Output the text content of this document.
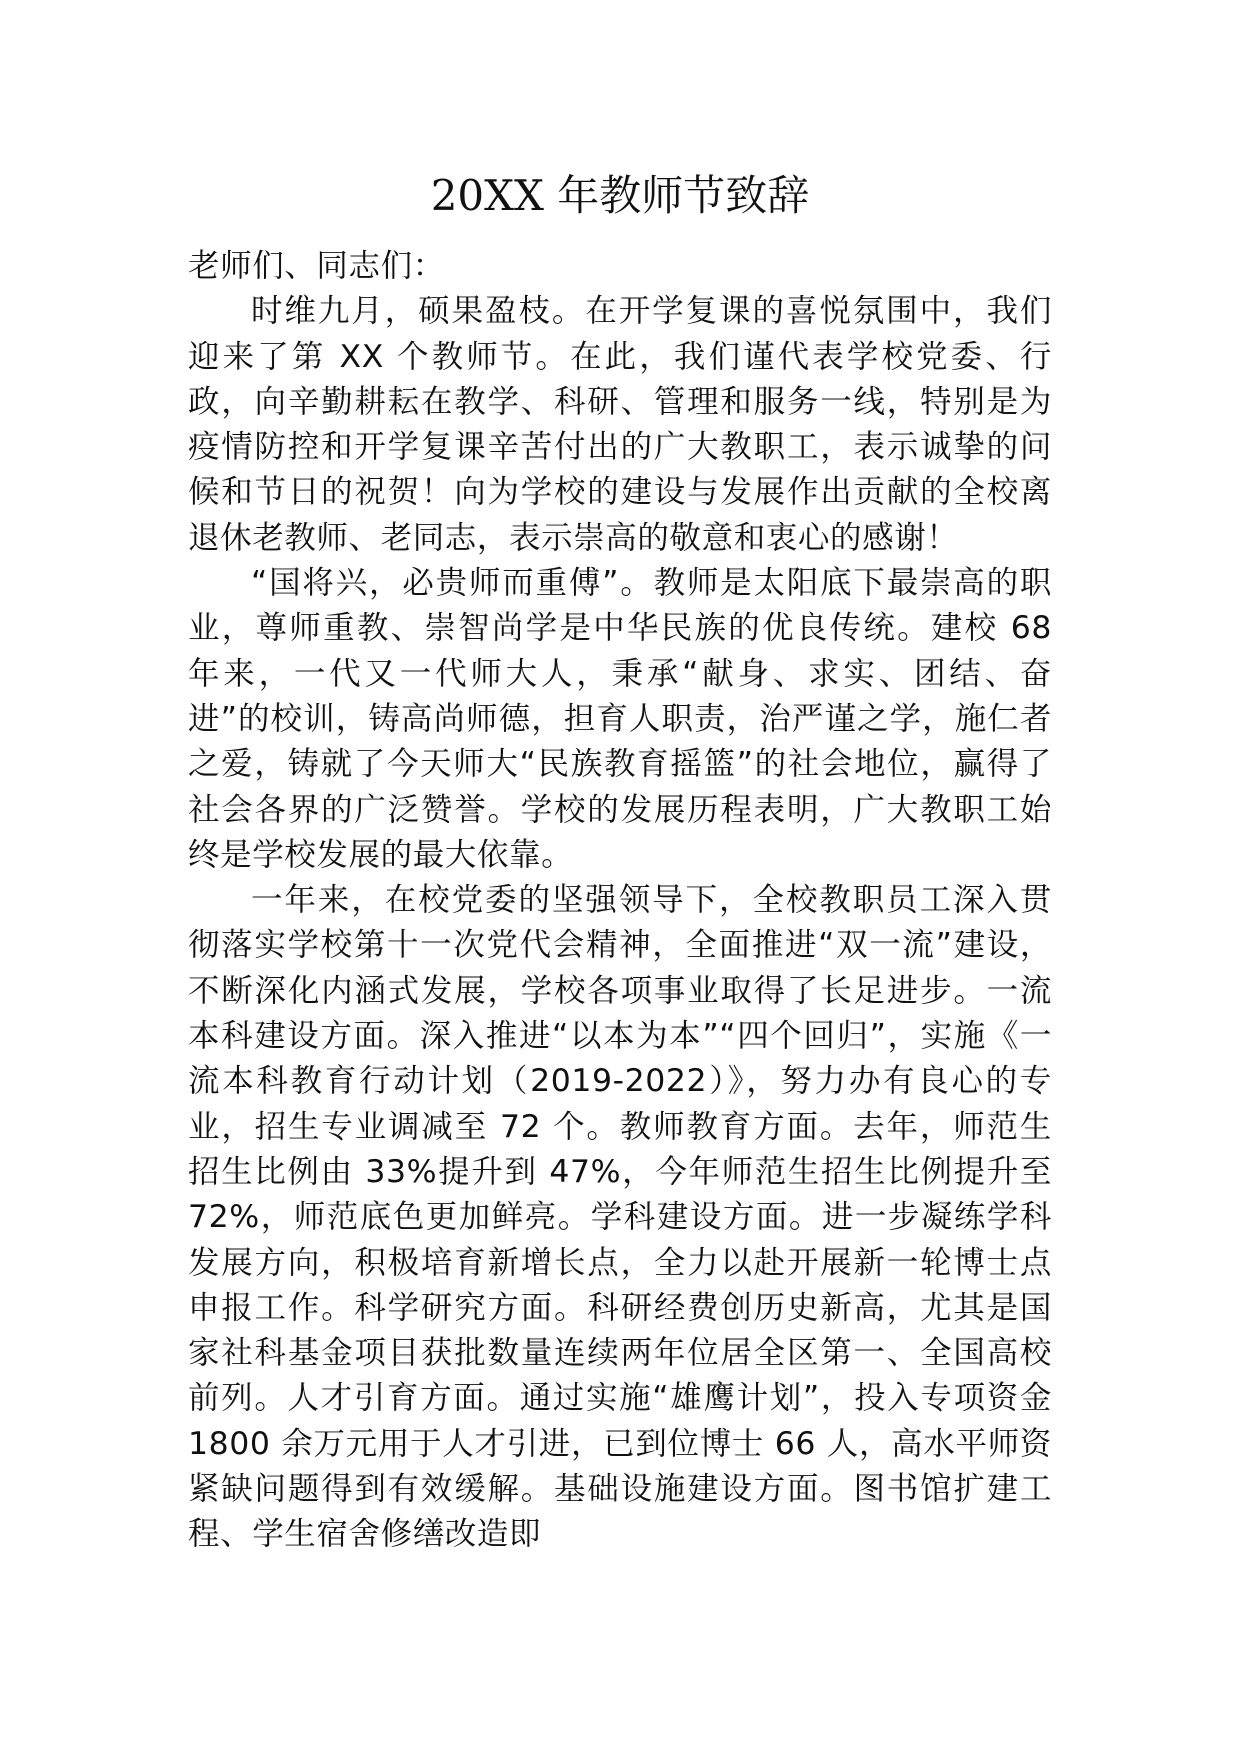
20XX 年教师节致辞

老师们、同志们：

时维九月，硕果盈枝。在开学复课的喜悦氛围中，我们迎来了第 XX 个教师节。在此，我们谨代表学校党委、行政，向辛勤耕耘在教学、科研、管理和服务一线，特别是为疫情防控和开学复课辛苦付出的广大教职工，表示诚挚的问候和节日的祝贺！向为学校的建设与发展作出贡献的全校离退休老教师、老同志，表示崇高的敬意和衷心的感谢！

“国将兴，必贵师而重傅”。教师是太阳底下最崇高的职业，尊师重教、崇智尚学是中华民族的优良传统。建校 68 年来，一代又一代师大人，秉承“献身、求实、团结、奋进”的校训，铸高尚师德，担育人职责，治严谨之学，施仁者之爱，铸就了今天师大“民族教育摇篮”的社会地位，赢得了社会各界的广泛赞誉。学校的发展历程表明，广大教职工始终是学校发展的最大依靠。

一年来，在校党委的坚强领导下，全校教职员工深入贯彻落实学校第十一次党代会精神，全面推进“双一流”建设，不断深化内涵式发展，学校各项事业取得了长足进步。一流本科建设方面。深入推进“以本为本”“四个回归”，实施《一流本科教育行动计划（2019-2022）》，努力办有良心的专业，招生专业调减至 72 个。教师教育方面。去年，师范生招生比例由 33%提升到 47%，今年师范生招生比例提升至 72%，师范底色更加鲜亮。学科建设方面。进一步凝练学科发展方向，积极培育新增长点，全力以赴开展新一轮博士点申报工作。科学研究方面。科研经费创历史新高，尤其是国家社科基金项目获批数量连续两年位居全区第一、全国高校前列。人才引育方面。通过实施“雄鹰计划”，投入专项资金 1800 余万元用于人才引进，已到位博士 66 人，高水平师资紧缺问题得到有效缓解。基础设施建设方面。图书馆扩建工程、学生宿舍修缮改造即
